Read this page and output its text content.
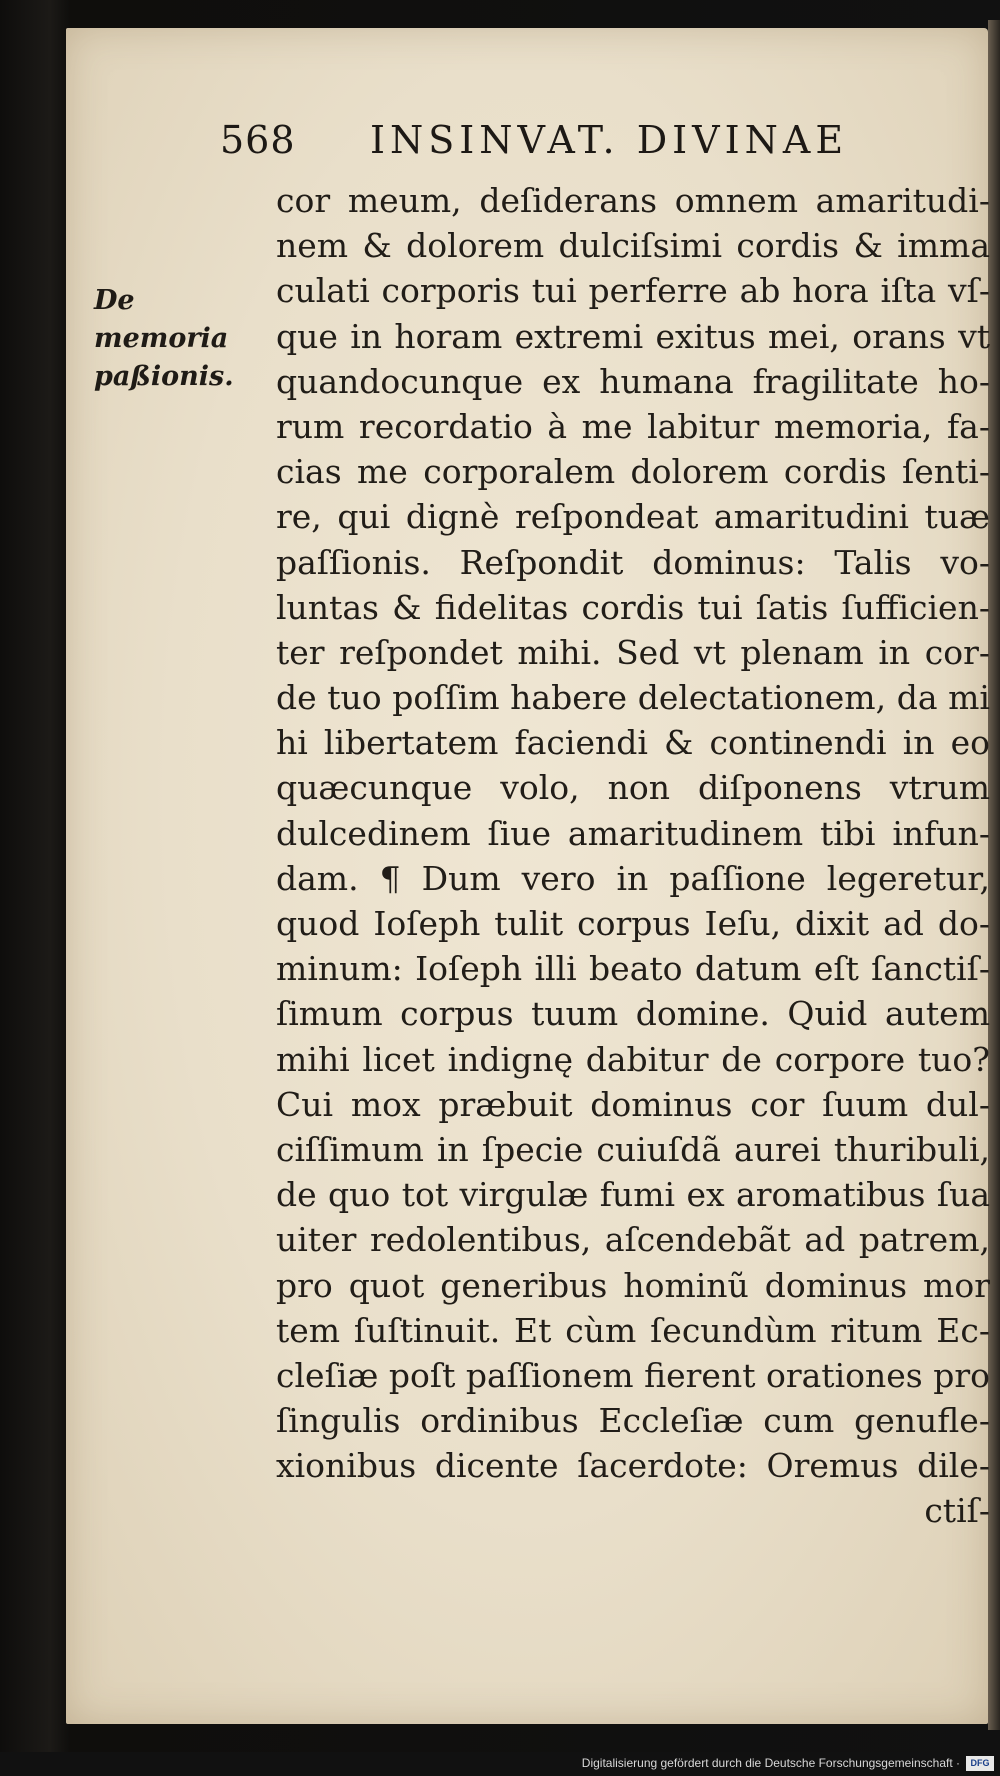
568 INSINVAT. DIVINAE
De memoria
paßionis.
cor meum, deſiderans omnem amaritudi-
nem & dolorem dulciſsimi cordis & imma
culati corporis tui perferre ab hora iſta vſ-
que in horam extremi exitus mei, orans vt
quandocunque ex humana fragilitate ho-
rum recordatio à me labitur memoria, fa-
cias me corporalem dolorem cordis ſenti-
re, qui dignè reſpondeat amaritudini tuæ
paſſionis. Reſpondit dominus: Talis vo-
luntas & fidelitas cordis tui ſatis ſufficien-
ter reſpondet mihi. Sed vt plenam in cor-
de tuo poſſim habere delectationem, da mi
hi libertatem faciendi & continendi in eo
quæcunque volo, non diſponens vtrum
dulcedinem ſiue amaritudinem tibi infun-
dam. ¶ Dum vero in paſſione legeretur,
quod Ioſeph tulit corpus Ieſu, dixit ad do-
minum: Ioſeph illi beato datum eſt ſanctiſ-
ſimum corpus tuum domine. Quid autem
mihi licet indignę dabitur de corpore tuo?
Cui mox præbuit dominus cor ſuum dul-
ciſſimum in ſpecie cuiuſdã aurei thuribuli,
de quo tot virgulæ fumi ex aromatibus ſua
uiter redolentibus, aſcendebãt ad patrem,
pro quot generibus hominũ dominus mor
tem ſuſtinuit. Et cùm ſecundùm ritum Ec-
cleſiæ poſt paſſionem fierent orationes pro
ſingulis ordinibus Eccleſiæ cum genufle-
xionibus dicente ſacerdote: Oremus dile-
ctiſ-
Digitalisierung gefördert durch die Deutsche Forschungsgemeinschaft ·	DFG
